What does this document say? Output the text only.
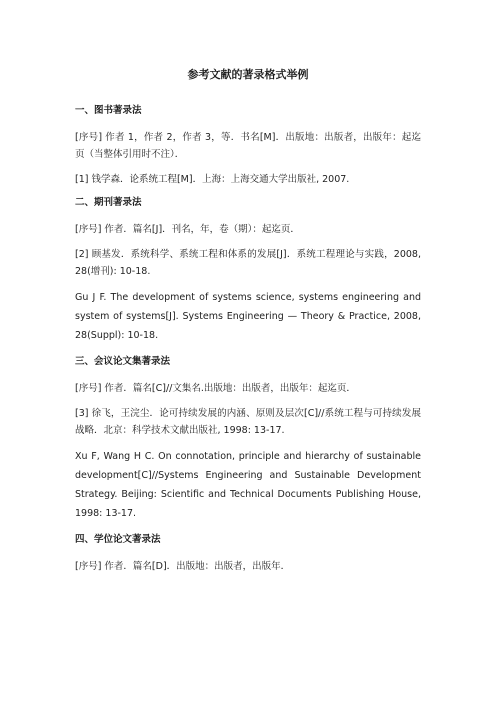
参考文献的著录格式举例
一、图书著录法
[序号] 作者 1，作者 2，作者 3，等．书名[M]．出版地：出版者，出版年：起迄页（当整体引用时不注）．
[1] 钱学森．论系统工程[M]．上海：上海交通大学出版社, 2007.
二、期刊著录法
[序号] 作者．篇名[J]．刊名，年，卷（期）：起迄页．
[2] 顾基发．系统科学、系统工程和体系的发展[J]．系统工程理论与实践，2008, 28(增刊): 10-18.
Gu J F. The development of systems science, systems engineering and system of systems[J]. Systems Engineering — Theory & Practice, 2008, 28(Suppl): 10-18.
三、会议论文集著录法
[序号] 作者．篇名[C]//文集名.出版地：出版者，出版年：起迄页．
[3] 徐飞，王浣尘．论可持续发展的内涵、原则及层次[C]//系统工程与可持续发展战略．北京：科学技术文献出版社, 1998: 13-17.
Xu F, Wang H C. On connotation, principle and hierarchy of sustainable development[C]//Systems Engineering and Sustainable Development Strategy. Beijing: Scientific and Technical Documents Publishing House, 1998: 13-17.
四、学位论文著录法
[序号] 作者．篇名[D]．出版地：出版者，出版年．
